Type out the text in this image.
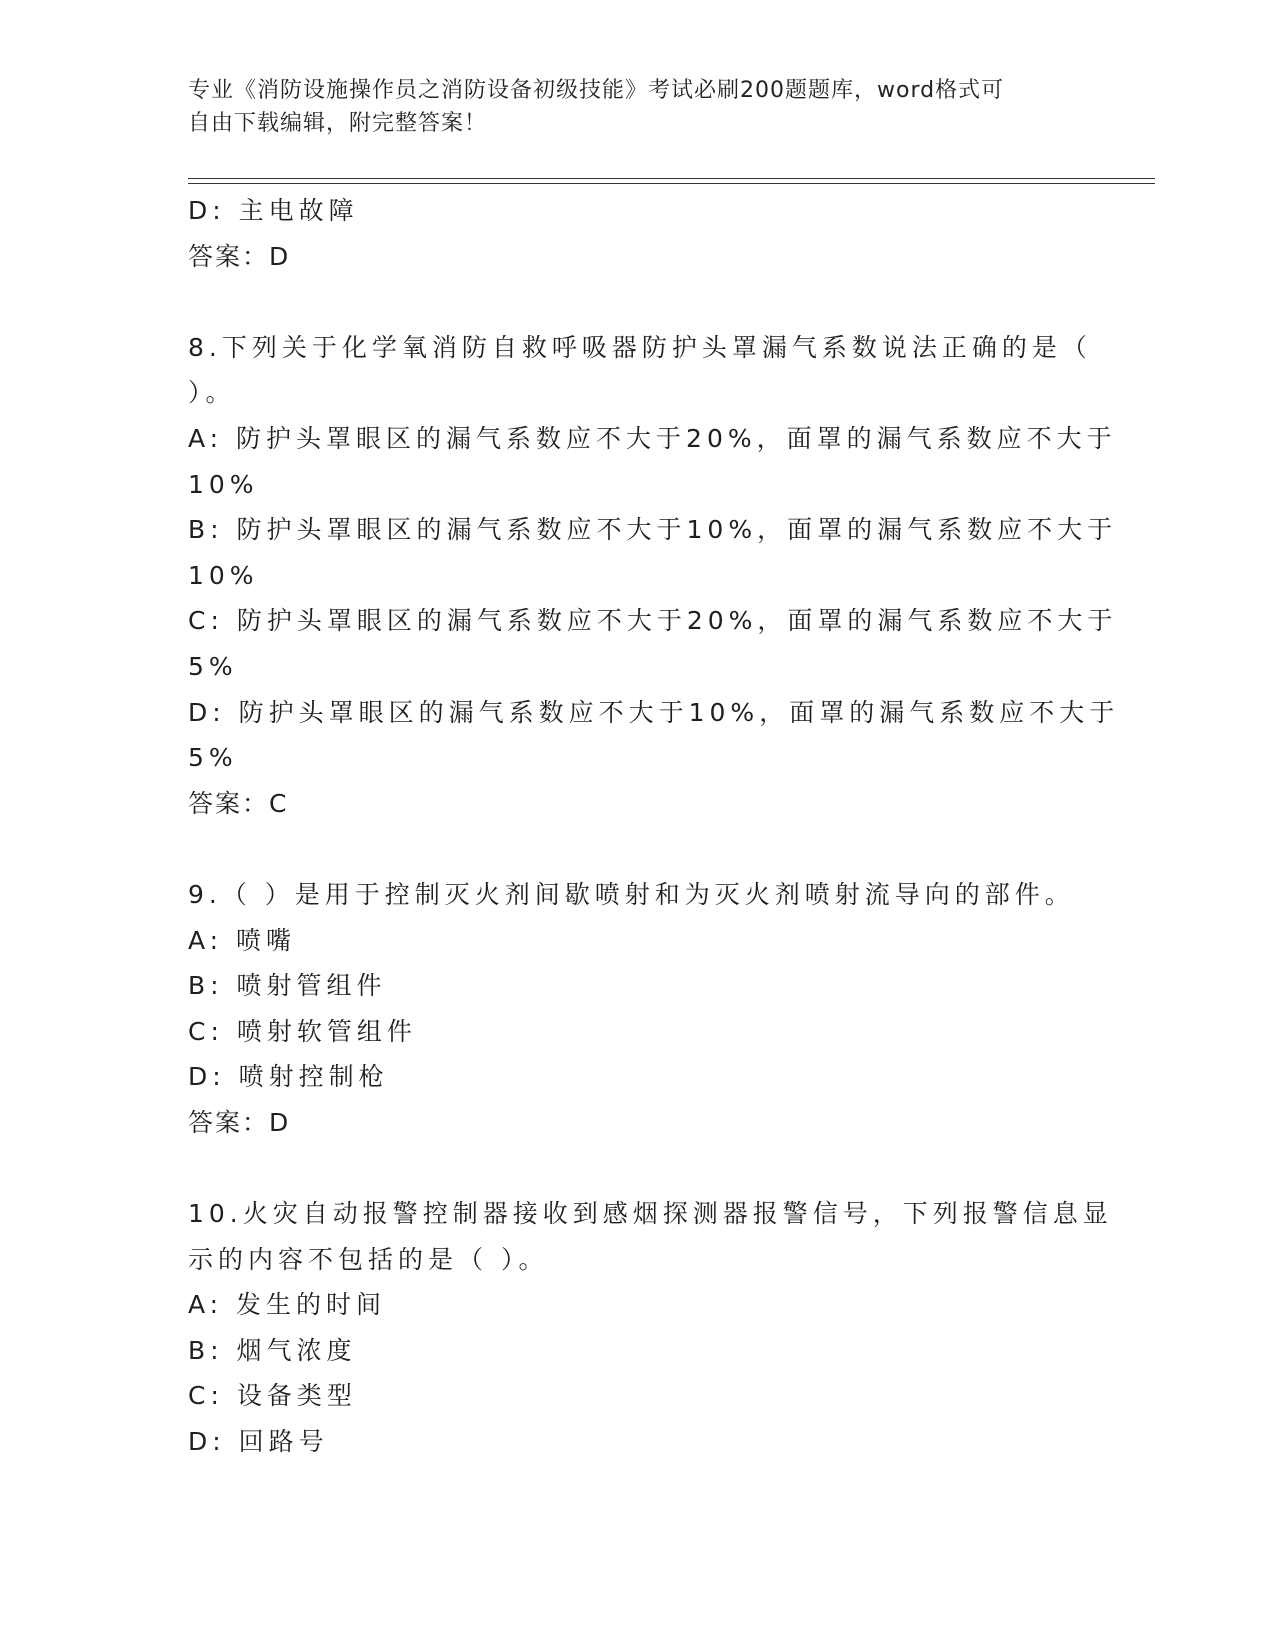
专业《消防设施操作员之消防设备初级技能》考试必刷200题题库，word格式可
自由下载编辑，附完整答案！
D: 主电故障
答案：D
8.下列关于化学氧消防自救呼吸器防护头罩漏气系数说法正确的是（
）。
A: 防护头罩眼区的漏气系数应不大于20%，面罩的漏气系数应不大于
10%
B: 防护头罩眼区的漏气系数应不大于10%，面罩的漏气系数应不大于
10%
C: 防护头罩眼区的漏气系数应不大于20%，面罩的漏气系数应不大于
5%
D: 防护头罩眼区的漏气系数应不大于10%，面罩的漏气系数应不大于
5%
答案：C
9.（ ）是用于控制灭火剂间歇喷射和为灭火剂喷射流导向的部件。
A: 喷嘴
B: 喷射管组件
C: 喷射软管组件
D: 喷射控制枪
答案：D
10.火灾自动报警控制器接收到感烟探测器报警信号，下列报警信息显
示的内容不包括的是（ ）。
A: 发生的时间
B: 烟气浓度
C: 设备类型
D: 回路号
